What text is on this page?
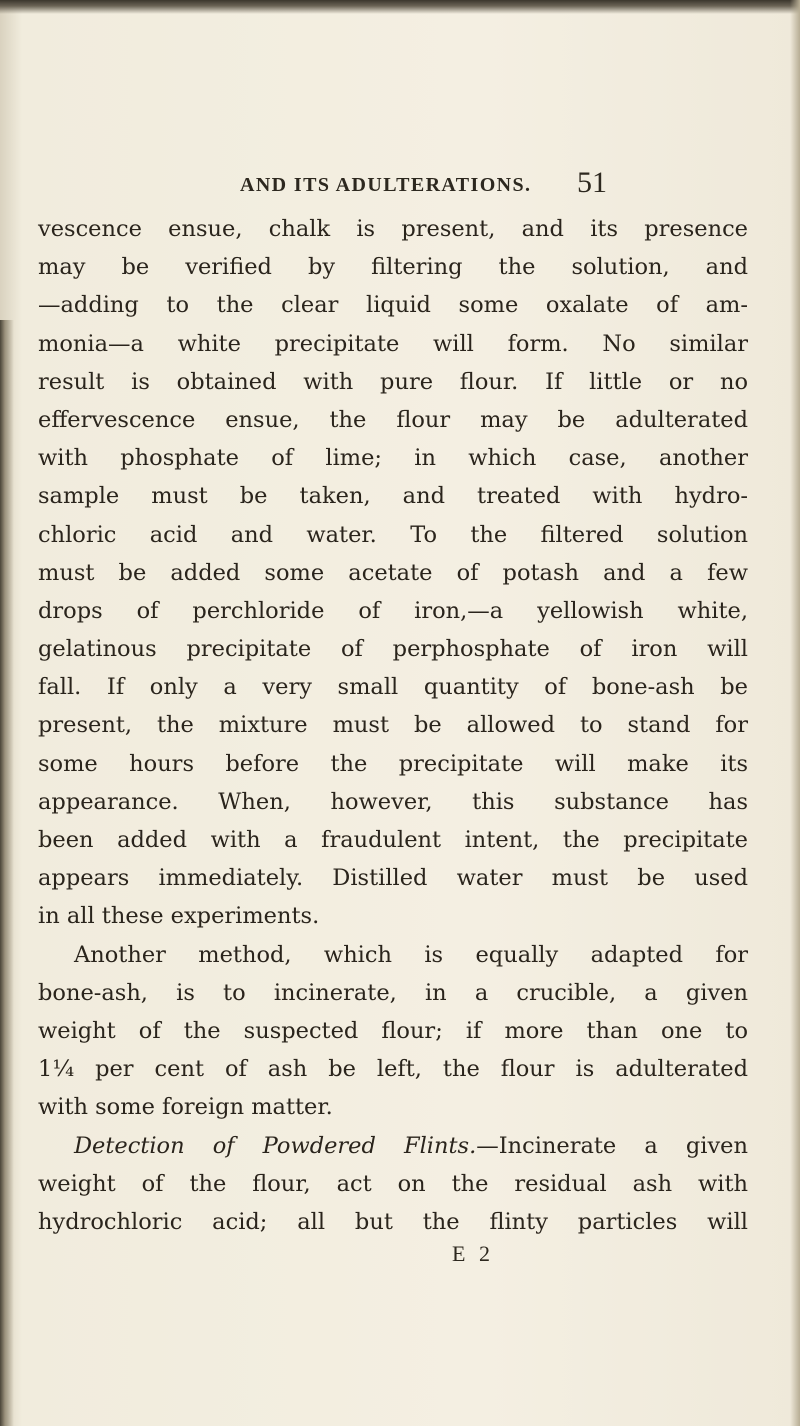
AND ITS ADULTERATIONS. 51
vescence ensue, chalk is present, and its presence
may be verified by filtering the solution, and
—adding to the clear liquid some oxalate of am-
monia—a white precipitate will form. No similar
result is obtained with pure flour. If little or no
effervescence ensue, the flour may be adulterated
with phosphate of lime; in which case, another
sample must be taken, and treated with hydro-
chloric acid and water. To the filtered solution
must be added some acetate of potash and a few
drops of perchloride of iron,—a yellowish white,
gelatinous precipitate of perphosphate of iron will
fall. If only a very small quantity of bone-ash be
present, the mixture must be allowed to stand for
some hours before the precipitate will make its
appearance. When, however, this substance has
been added with a fraudulent intent, the precipitate
appears immediately. Distilled water must be used
in all these experiments.
Another method, which is equally adapted for
bone-ash, is to incinerate, in a crucible, a given
weight of the suspected flour; if more than one to
1¼ per cent of ash be left, the flour is adulterated
with some foreign matter.
Detection of Powdered Flints.—Incinerate a given
weight of the flour, act on the residual ash with
hydrochloric acid; all but the flinty particles will
E 2
